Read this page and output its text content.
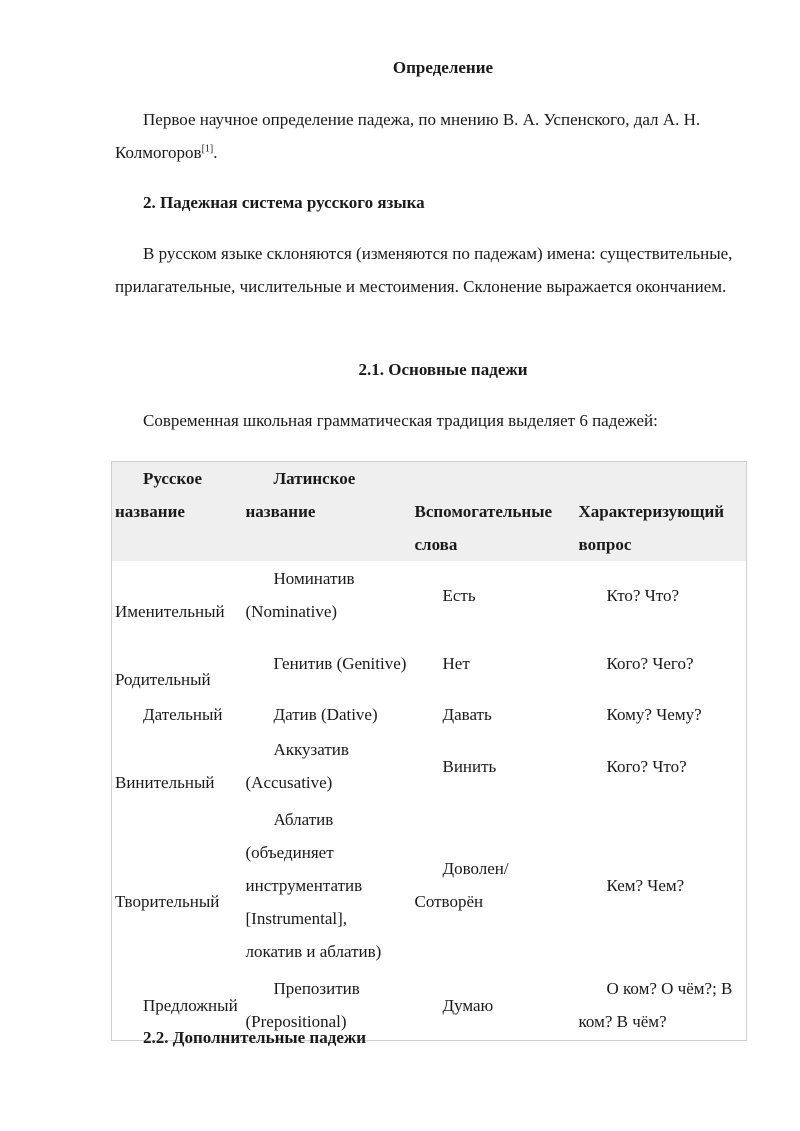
Определение

Первое научное определение падежа, по мнению В. А. Успенского, дал А. Н. Колмогоров[1].

2. Падежная система русского языка

В русском языке склоняются (изменяются по падежам) имена: существительные, прилагательные, числительные и местоимения. Склонение выражается окончанием.

2.1. Основные падежи

Современная школьная грамматическая традиция выделяет 6 падежей:

Русское название	Латинское название	Вспомогательные слова	Характеризующий вопрос

Именительный	Номинатив (Nominative)	Есть	Кто? Что?

Родительный	Генитив (Genitive)	Нет	Кого? Чего?

Дательный	Датив (Dative)	Давать	Кому? Чему?

Винительный	Аккузатив (Accusative)	Винить	Кого? Что?

Творительный	Аблатив (объединяет инструментатив [Instrumental], локатив и аблатив)	Доволен/ Сотворён	Кем? Чем?

Предложный	Препозитив (Prepositional)	Думаю	О ком? О чём?; В ком? В чём?

2.2. Дополнительные падежи
